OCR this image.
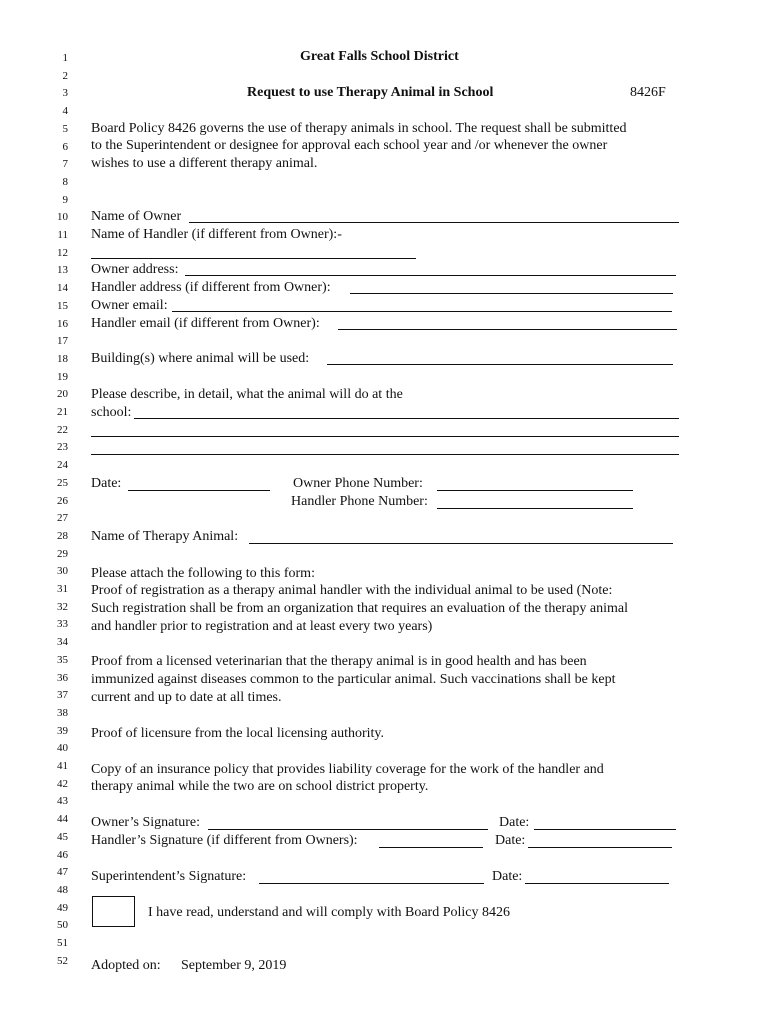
1
2
3
4
5
6
7
8
9
10
11
12
13
14
15
16
17
18
19
20
21
22
23
24
25
26
27
28
29
30
31
32
33
34
35
36
37
38
39
40
41
42
43
44
45
46
47
48
49
50
51
52
Great Falls School District
Request to use Therapy Animal in School	8426F
Board Policy 8426 governs the use of therapy animals in school. The request shall be submitted
to the Superintendent or designee for approval each school year and /or whenever the owner
wishes to use a different therapy animal.
Name of Owner
Name of Handler (if different from Owner):-
Owner address:
Handler address (if different from Owner):
Owner email:
Handler email (if different from Owner):
Building(s) where animal will be used:
Please describe, in detail, what the animal will do at the
school:
Date:	Owner Phone Number:
Handler Phone Number:
Name of Therapy Animal:
Please attach the following to this form:
Proof of registration as a therapy animal handler with the individual animal to be used (Note:
Such registration shall be from an organization that requires an evaluation of the therapy animal
and handler prior to registration and at least every two years)
Proof from a licensed veterinarian that the therapy animal is in good health and has been
immunized against diseases common to the particular animal. Such vaccinations shall be kept
current and up to date at all times.
Proof of licensure from the local licensing authority.
Copy of an insurance policy that provides liability coverage for the work of the handler and
therapy animal while the two are on school district property.
Owner’s Signature:	Date:
Handler’s Signature (if different from Owners):	Date:
Superintendent’s Signature:	Date:
I have read, understand and will comply with Board Policy 8426
Adopted on: September 9, 2019
